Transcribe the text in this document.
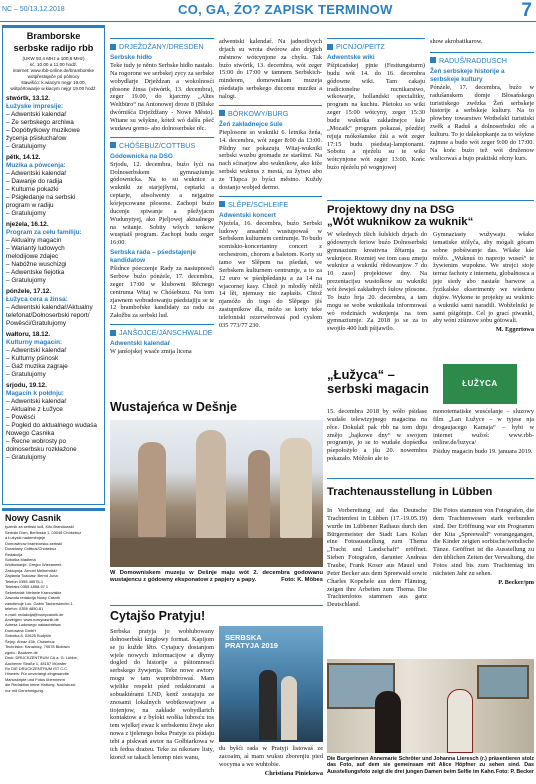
NC – 50/13.12.2018	CO, GA, ŹO? ZAPISK TERMINOW	7
Bramborske
serbske radijo rbb
(UKW 93,4 MHz a 100,6 MHz)
sć. 10.00 a 11.00 hodź.
internet: www.rbb-online.de/bramborske
wotpřestaječe pó pólnocy
stawišćo: k.wiacym nejgr 19.00,
wótpórtowanje w.kiacym nejgr 19.00 hodź.
stwórtk, 13.12.
Łužyske impresije:
– Adwentski kalendaŕ
– Ze serbskego archiwa
– Dopóbytkowy muzikowe
žycenja pśisłuchaŕow
– Gratulujomy
pětk, 14.12.
Muzika a pówcenja:
– Adwentski kalendaŕ
– Dawanje do radija
– Kulturne pokazki
– Pśigłedanje na serbski
program w radiju
– Gratulujomy
njeźela, 16.12.
Program za cełu familiju:
– Aktualny magacin
– Wariantý ludowych
melodijowe zdajec
– Nabóžne wuschizgi
– Adwentske fiejotka
– Gratulujomy
pónźele, 17.12.
Łužyca cera a źinsa:
– Adwentski kalendaŕ/Aktualny
telefonat/Dołnoserbski report/
Powěsći/Gratulujomy
wałtoru, 18.12.
Kulturny magacin:
– Adwentski kalendaŕ
– Kulturny pśinosk
– Gaž muzika zagraje
– Gratulujomy
srjodu, 19.12.
Magacin k połdnju:
– Adwentski kalendaŕ
– Aktualne z Łužyce
– Powěsći
– Pogłed do aktualnego wudaśa
Nowego Casnika
– Řecne wobrosty po
dołnoserbsku rozkłaźone
– Gratulujomy
Nowy Casnik
tyźenik za serbski ludi, Kito Brandowski
Serbski Dom, Berlinska 1, 03046 Chóśebuz
a Łużyski nademěnjeje
Domowinow bramborsko-serbski
Doradowy Cottbus/Chóśebuz
Redakcija
Sobotka Madlena
Wólbowanje: Gregor Wiecaneek
Zastupnja: Arnold Melbendski
Zapłania Toaclaw: Bernd Juńa
Telefon 0355 48576-1
Telefaks 0355 4858-97 1
Sekretariat: Melanie Kranoviskie
Zawoda redakcija Nowy Casnik
zawótmuje Loc. Gabin Tauberskecho 1
telefon: 0355 4850-81
e-mail: redakcija@nowycasnik.de
Anzeigen: www.nowycasnik.de
Adresa Ludowego nakładnistwa
Domowina GmbH
Sobotka 8, 02625 Budyšin
Šejny: Ahraz 43b, Chóśebuz
Techniske: Kanalnicy, 79578 Błotowo
zgoto.: Bautzen.de
Druk: DRUCKZENTRUM CA a. G. Lübbe,
Aachener Straße 1, 48157 Münster
Ro DIE DRUCKZENTRUM IST C.C.
Hinweis: Für unverlangt eingesandte
Manuskripte und Fotos übernimmt
die Redaktion keine Haftung. Nachdruck
nur mit Genehmigung.
DRJEŽDŽANY/DRESDEN
Serbske hidło

Teke tudy je něnto Serbske hidło nastało. Na rogorone we serbskej zycy za serbske wobydlarje Drježdzan a wokolnosći płosone žinsa (stwórtk, 13. decembra), zeger 19.00, do kjarcmy „Altes Weltbüro“ na Antonowej droze 8 (Bliske dwórnišća Drježdžany - Nowe Město). Witane su wšykne, kótež wó dalšu pšeč wudawu gorno- abo dolnoserbske rěc.

CHÓŠEBUZ/COTTBUS
Gódownicka na DSG

Srjodu, 12. decembra, buźo łyći na Dolnoserbskem gymnaziumje gódownicka. Na to su wuknice a wukniki ze starjejšymi, ceptarki a ceptarje, absolwenty a nejgażne kórjepcowane pšosone. Zachopi buźo ducenje spiwanje a pšežyjacm Wudunytyej, ako Pjeljowej aktualnego na witanje. Sobity wšych tenkow wuspiaiš program. Zachopi budu zeger 16:00.

Serbska rada – pśedstajenje kandidatow

Pšidnce póeczenje Rady za nastupnosći Serbow buźo pónźele, 17. decembra, zeger 17:00 w klubowni Rěcnego centruma Witaj w Chóśebuzu. Na tom zjawnem wobradowanju pśedstajiju se te 12 brambořske kandidaty za radu za Załožbu za serbski lud.

JANŠOJCE/JÄNSCHWALDE
Adwentski kalendaŕ

W janšojskej wsače zmija licena

adwentski kalendaŕ. Na jadnotlivych drjach su wrota dwórow abo drjgich městnow wótcynjone za chyšu. Tak buźo stwórtk, 13. decembra, wót zeger 15:00 do 17:00 w tamnem Serbskich-mindeom, domownikam muzeja pśedstajis serbskego ducomu muziku a nalogi.

BÓRKOWY/BURG
Žeń zakładnejce šule

Pieplosone so wukniki 6. letnika žeńa, 14. decembra, wót zeger 8:00 da 13:00. Pšidny raz pokazuju Witaj-wukniki serbski wuzbu gromadu ze staršimi. Na nach sćinarjow abo wuknikow, ako kiže serbski wuknus z mestá, za žytwu abo ze Tlupca jo byści městno. Kuždy dostanjo wobjed dermo.

SLĚPE/SCHLEIFE
Adwentski koncert

Njeźela, 16. decembra, buźo Serbski ludowy ansambl wustupowaš w Serbskem kulturnem centrumje. To budo sceniskio-koncertantny concert z orchestrom, chorom a baletom. Korty su tamo we Slěpem na pšedań, we Serbskem kulturnem centrumje, a to za 12 euro w pśedpšedanju a za 14 na wjacornej kasy. Chtož jo młodšy něźli 14 lět, njemusy nic zapłaśis. Chtož njamóžo do togo do Slěpego jěś zastupnikow dla, móžo se korty teke telefoniski rezerwěrowaś pod cysłom 035 773/77 230.

PICNJO/PEITZ
Adwentske wiki

Pśipicańskej pjnie (Festtungsturm) budu wót 14. do 16. decembra gódowne wiki. Tam cakaju tradicionelne rucnikarstwo, wikowarje, hollandski specialitky, program na kuchiu. Pšetoku so wiki zeger 15:00 wótcyny, zeger 15:30 budu wuknika zakładnejce šule „Mozaik“ program pokazaś, pózdźej rejuja mókošanske źiśi a wót zeger 17:15 budu pśedstaj-lampionami. Sobotu a njeźelu su te wiki wótcynjone wót zeger 13:00. Końc buźo njeźelu pó wognjowej

show akrobatikarow.

RADUŠ/RADDUSCH
Žeń serbskeje historije a serbskeje kultury

Pónźele, 17. decembra, buźo w radušanskem domje Błosańskego turistiskego zwězka Žeń serbskeje historije a serbskeje kultury. Na to płowbny towarstwo Wotbelski turistiski zwěk a Raduš a dolnoserbsku rěc a kulturu. To jo dalekopkanje za to wšykne zajmne a budo wót zeger 9:00 do 17:00. Na końc buźo tež wót druženow wulicowaś a bujo praktiski rěcny kurs.

Wustajeńca w Dešnje
W Domowniskem muzeju w Dešnje maju wót 2. decembra godowanu wustajencu z gódowny eksponatow z papjery a papy.	Foto: K. Möbes
Cytajšo Pratyju!

Serbska pratyja jo wobłubowany dołnoserbski knigłowy format. Kapijom se ju kužde lěto. Cytajucy dostanjom wjele nowych informacijow a dłymy dogled do historije a pśitomnosći serbskego žywjenja. Teke nowe awtory mogu w tam wuprobërowaś. Mam wjelike respekt pśed redaktorami a sobuaktérami LND, kenž zestajuju ze znosami lokalnych wobtkowarjowe a tiojenjow, na zakłade wobydlarich kontaktow a z byloki wołšia lubosću tos tem wjelkej ewaz k serbskemu žiwje ako nowa z tjelenego boka Pratyje za pśidaju tebi a piskwań awtor na Gołbiarkowa w ich fedoa drażeu. Teke za nikotare listy, ktorež se takach lenomp nies wanu,

SERBSKA PRATYJA 2019

du byšći rada w Pratyji listowaś ze zacoaim, aì mam wuksu zborenjiu pied wocyma a we wuhtobie.

Christiana Piniekowa
Projektowy dny na DSG
„Wót wuknikow za wuknik“

W wšednych tšich šulskich drjach do gódownych feriow buźo Dolnoserbski gymnazium kreativna žětarnja za wuknjece. Rozmiej we tom casu zmeju wuknice a wuknikí rědowanjow 7 do 10 zaso] projektowe dny. Na prezentacijsu wustolkow su wukniki wót žewješ zakładnych šulow pšosone. To buźo brja 20. decembra, a tam mogu se wobe wuknikala informowaś wó rodzinách wuknjenja na tom gymnaziumje. Za 2018 jo se za to swojiło 400 ludi pśijawilo.

Gymnaziasty wužywaju wšake tematiske stólyča, aby mógali gócam sobne pobśiwanje das. Wšake kśe móžo. „Wuknuś to naprojo wuseś“ te žywienim wupokne. We strejci stoje terraz fachoty z internetu, globalnosca a jeje siedy abo nastaše barwow a fyzikalske ekserimenty we wiedenu dujów. Wykone te projekty su wukinic a wukniki sami naradili. Wobželniki je sami pśigótujn. Cel jo grací piwanki, aby wóni ziśinove sobu gótowali.

M. Eggertowa
ŁUŽYCA
„Łužyca“ –
serbski magacin

15. decembra 2018 by wóło pśidase wudaše telewizyjnego magacina na rěce. Dokulaž pak rbb na tom dnju změjo „bajkowe dny“ w swojom programje, jo se to wudaše dopśedka pśepołożyło a jšu 20. nowembra pokazało. Móžošo ale to

monotematiske wusćelanje – sluzowy film „Lan Łužyce – w tyjese nja drogaujacego Kamaja“ – hybi w internet wužoś: www.rbb-online.de/luzyca/

Pśiduy magacin budo 19. januara 2019.

Trachtenausstellung in Lübben

In Vorbereitung auf das Deutsche Trachtenfest in Lübben (17.-19.05.19) wurde im Lübbener Rathaus durch den Bürgermeister der Stadt Lars Kolan eine Fotoausstellung zum Thema „Tracht und Landschaft“ eröffnet. Sieben Fotografen, darunter Andreas Traube, Frank Koser aus Mauel und Peter Becker aus dem Spreewald sowie Charles Kopehele aus dem Fläming, zeigen ihre Arbeiten zum Thema. Die Trachtenfotos stammen aus ganz Deutschland.

Die Fotos stammen von Fotografen, die dem Trachtenwesen stark verbunden sind. Der Eröffnung war ein Programm der Kita „Spreewald“ vorangegangen, die Kinder zeigten sorbische/wendische Tänze. Geöffnet ist die Ausstellung zu den üblichen Zeiten der Verwaltung, die Fotos sind bis zum Trachtentag im nächsten Jahr zu sehen.

P. Becker/pm
Die Burgerinnen Annemarie Schröter und Johanna Lieresch (r.) präsentieren stolz das Foto, auf dem sie gemeinsam mit Alice Höpfner zu sehen sind. Das Ausstellungsfoto zeigt die drei jungen Damen beim Selfie im Kahn. Foto: P. Becker
